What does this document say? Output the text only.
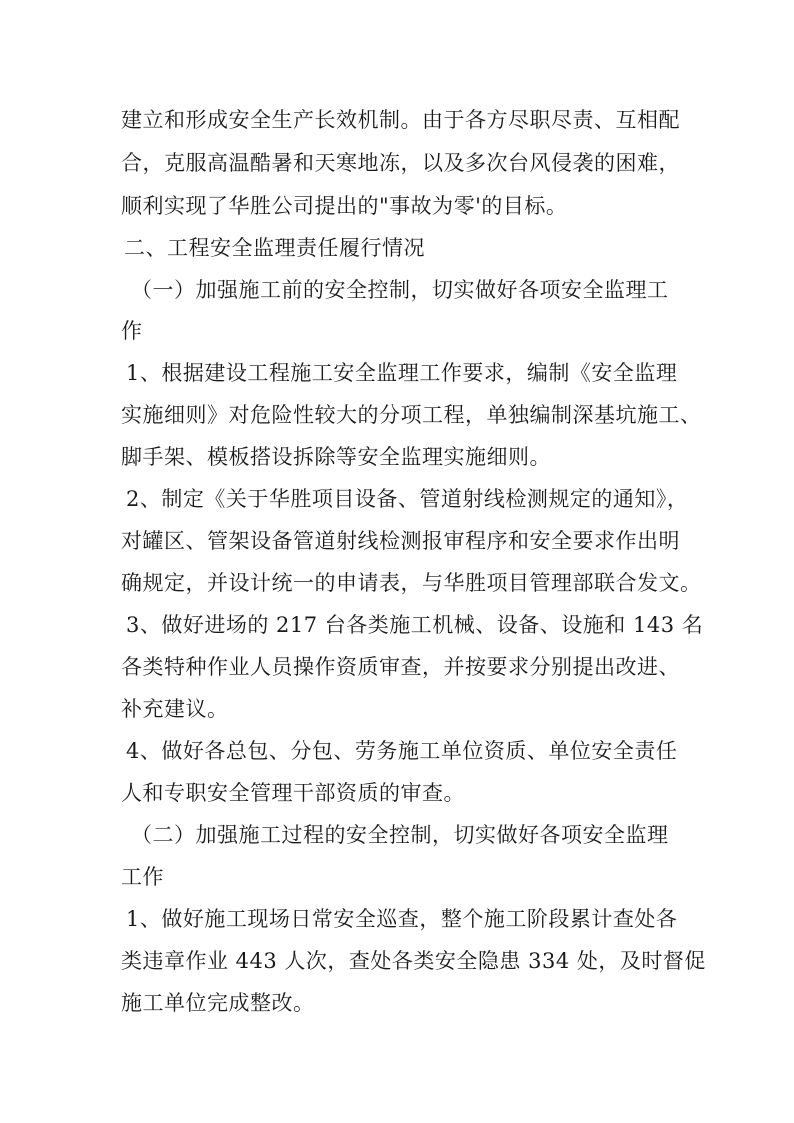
建立和形成安全生产长效机制。由于各方尽职尽责、互相配
合，克服高温酷暑和天寒地冻，以及多次台风侵袭的困难，
顺利实现了华胜公司提出的"事故为零'的目标。
二、工程安全监理责任履行情况
（一）加强施工前的安全控制，切实做好各项安全监理工
作
1、根据建设工程施工安全监理工作要求，编制《安全监理
实施细则》对危险性较大的分项工程，单独编制深基坑施工、
脚手架、模板搭设拆除等安全监理实施细则。
2、制定《关于华胜项目设备、管道射线检测规定的通知》，
对罐区、管架设备管道射线检测报审程序和安全要求作出明
确规定，并设计统一的申请表，与华胜项目管理部联合发文。
3、做好进场的 217 台各类施工机械、设备、设施和 143 名
各类特种作业人员操作资质审查，并按要求分别提出改进、
补充建议。
4、做好各总包、分包、劳务施工单位资质、单位安全责任
人和专职安全管理干部资质的审查。
（二）加强施工过程的安全控制，切实做好各项安全监理
工作
1、做好施工现场日常安全巡查，整个施工阶段累计查处各
类违章作业 443 人次，查处各类安全隐患 334 处，及时督促
施工单位完成整改。
